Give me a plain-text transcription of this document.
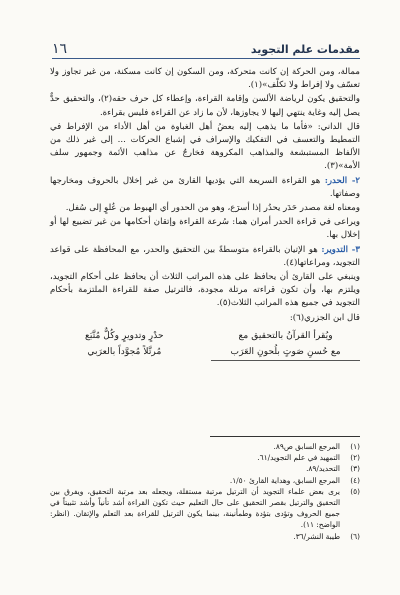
مقدمات علم التجويد
١٦

ممالة، ومن الحركة إن كانت متحركة، ومن السكون إن كانت مسكنة، من غير تجاوز ولا تعسّف ولا إفراط ولا تكلّف»(١).

والتحقيق يكون لرياضة الألسن وإقامة القراءة، وإعطاء كل حرف حقه(٢)، والتحقيق حدٌّ يصل إليه وغاية ينتهي إليها لا يجاوزها، لأن ما زاد عن القراءة فليس بقراءة.

قال الداني: «فأما ما يذهب إليه بعضُ أهل الغباوة من أهل الأداء من الإفراط في التمطيط والتعسف في التفكيك والإسراف في إشباع الحركات ... إلى غير ذلك من الألفاظ المستبشعة والمذاهب المكروهة فخارجٌ عن مذاهب الأئمة وجمهور سلف الأمة»(٣).

٢- الحدر: هو القراءة السريعة التي يؤديها القارئ من غير إخلال بالحروف ومخارجها وصفاتها.

ومعناه لغة مصدر حَدَر يحدُر إذا أسرَع، وهو من الحدور أي الهبوط من عُلوٍ إلى سُفل.

ويراعى في قراءة الحدر أمران هما: سُرعة القراءة وإتقان أحكامها من غير تضييع لها أو إخلال بها.

٣- التدوير: هو الإتيان بالقراءة متوسطةً بين التحقيق والحدر، مع المحافظة على قواعد التجويد، ومراعاتها(٤).

وينبغي على القارئ أن يحافظ على هذه المراتب الثلاث أن يحافظ على أحكام التجويد، ويلتزم بها، وأن تكون قراءته مرتلة مجودة، فالترتيل صفة للقراءة الملتزمة بأحكام التجويد في جميع هذه المراتب الثلاث(٥).

قال ابن الجزري(٦):

ويُقرأ القرآنُ بالتحقيق مع
مع حُسنِ صَوتٍ بلُحونِ العَرَب
حدْرٍ وتدويرٍ وكُلٌّ مُتَّبَع
مُرتَّلاً مُجوَّداً بالعرَبي
(١)
المرجع السابق ص٨٩.
(٢)
التمهيد في علم التجويد/٦١.
(٣)
التحديد/٨٩.
(٤)
المرجع السابق، وهداية القارئ ١/٥٠.
(٥)
يرى بعض علماء التجويد أن الترتيل مرتبة مستقلة، ويجعله بعد مرتبة التحقيق، ويفرق بين التحقيق والترتيل بقصر التحقيق على حال التعليم حيث تكون القراءة أشد تأنياً وأشد تثبيتاً في جميع الحروف وتؤدى بتؤدة وطمأنينة، بينما يكون الترتيل للقراءة بعد التعلم والإتقان. (انظر: الواضح: ١١).
(٦)
طيبة النشر/٣٦.
